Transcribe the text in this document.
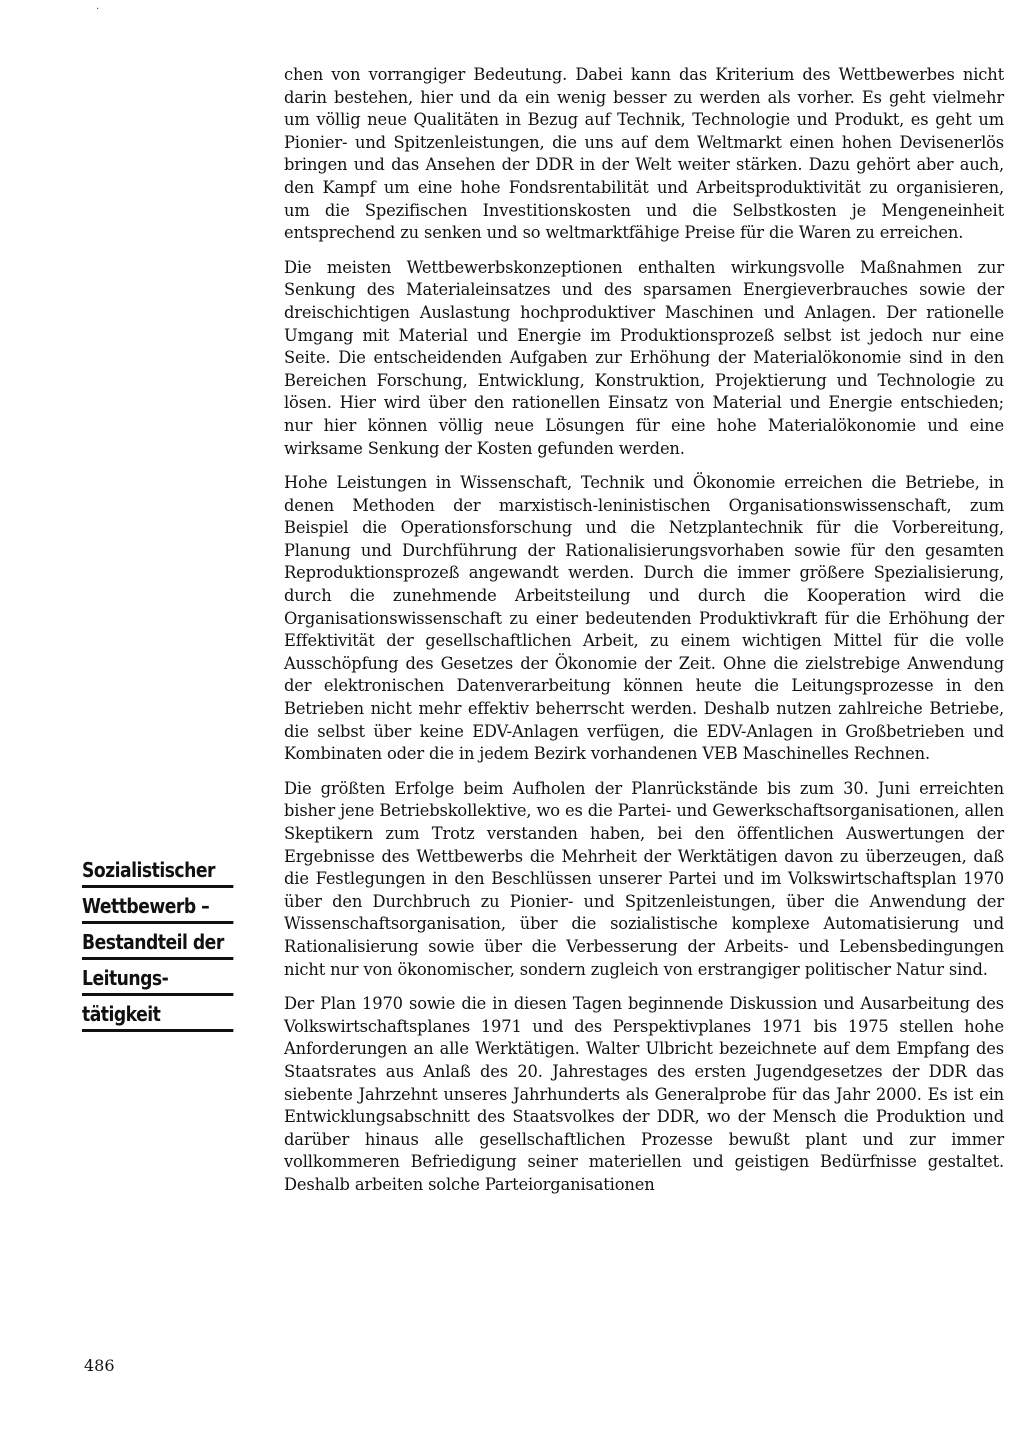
·
Sozialistischer
Wettbewerb –
Bestandteil der
Leitungs-
tätigkeit

chen von vorrangiger Bedeutung. Dabei kann das Kriterium des Wettbewerbes nicht darin bestehen, hier und da ein wenig besser zu werden als vorher. Es geht vielmehr um völlig neue Qualitäten in Bezug auf Technik, Technologie und Produkt, es geht um Pionier- und Spitzenleistungen, die uns auf dem Weltmarkt einen hohen Devisenerlös bringen und das Ansehen der DDR in der Welt weiter stärken. Dazu gehört aber auch, den Kampf um eine hohe Fondsrentabilität und Arbeitsproduktivität zu organisieren, um die Spezifischen Investitionskosten und die Selbstkosten je Mengeneinheit entsprechend zu senken und so weltmarktfähige Preise für die Waren zu erreichen.

Die meisten Wettbewerbskonzeptionen enthalten wirkungsvolle Maßnahmen zur Senkung des Materialeinsatzes und des sparsamen Energieverbrauches sowie der dreischichtigen Auslastung hochproduktiver Maschinen und Anlagen. Der rationelle Umgang mit Material und Energie im Produktionsprozeß selbst ist jedoch nur eine Seite. Die entscheidenden Aufgaben zur Erhöhung der Materialökonomie sind in den Bereichen Forschung, Entwicklung, Konstruktion, Projektierung und Technologie zu lösen. Hier wird über den rationellen Einsatz von Material und Energie entschieden; nur hier können völlig neue Lösungen für eine hohe Materialökonomie und eine wirksame Senkung der Kosten gefunden werden.

Hohe Leistungen in Wissenschaft, Technik und Ökonomie erreichen die Betriebe, in denen Methoden der marxistisch-leninistischen Organisationswissenschaft, zum Beispiel die Operationsforschung und die Netzplantechnik für die Vorbereitung, Planung und Durchführung der Rationalisierungsvorhaben sowie für den gesamten Reproduktionsprozeß angewandt werden. Durch die immer größere Spezialisierung, durch die zunehmende Arbeitsteilung und durch die Kooperation wird die Organisationswissenschaft zu einer bedeutenden Produktivkraft für die Erhöhung der Effektivität der gesellschaftlichen Arbeit, zu einem wichtigen Mittel für die volle Ausschöpfung des Gesetzes der Ökonomie der Zeit. Ohne die zielstrebige Anwendung der elektronischen Datenverarbeitung können heute die Leitungsprozesse in den Betrieben nicht mehr effektiv beherrscht werden. Deshalb nutzen zahlreiche Betriebe, die selbst über keine EDV-Anlagen verfügen, die EDV-Anlagen in Großbetrieben und Kombinaten oder die in jedem Bezirk vorhandenen VEB Maschinelles Rechnen.

Die größten Erfolge beim Aufholen der Planrückstände bis zum 30. Juni erreichten bisher jene Betriebskollektive, wo es die Partei- und Gewerkschaftsorganisationen, allen Skeptikern zum Trotz verstanden haben, bei den öffentlichen Auswertungen der Ergebnisse des Wettbewerbs die Mehrheit der Werktätigen davon zu überzeugen, daß die Festlegungen in den Beschlüssen unserer Partei und im Volkswirtschaftsplan 1970 über den Durchbruch zu Pionier- und Spitzenleistungen, über die Anwendung der Wissenschaftsorganisation, über die sozialistische komplexe Automatisierung und Rationalisierung sowie über die Verbesserung der Arbeits- und Lebensbedingungen nicht nur von ökonomischer, sondern zugleich von erstrangiger politischer Natur sind.

Der Plan 1970 sowie die in diesen Tagen beginnende Diskussion und Ausarbeitung des Volkswirtschaftsplanes 1971 und des Perspektivplanes 1971 bis 1975 stellen hohe Anforderungen an alle Werktätigen. Walter Ulbricht bezeichnete auf dem Empfang des Staatsrates aus Anlaß des 20. Jahrestages des ersten Jugendgesetzes der DDR das siebente Jahrzehnt unseres Jahrhunderts als Generalprobe für das Jahr 2000. Es ist ein Entwicklungsabschnitt des Staatsvolkes der DDR, wo der Mensch die Produktion und darüber hinaus alle gesellschaftlichen Prozesse bewußt plant und zur immer vollkommeren Befriedigung seiner materiellen und geistigen Bedürfnisse gestaltet. Deshalb arbeiten solche Parteiorganisationen

486
